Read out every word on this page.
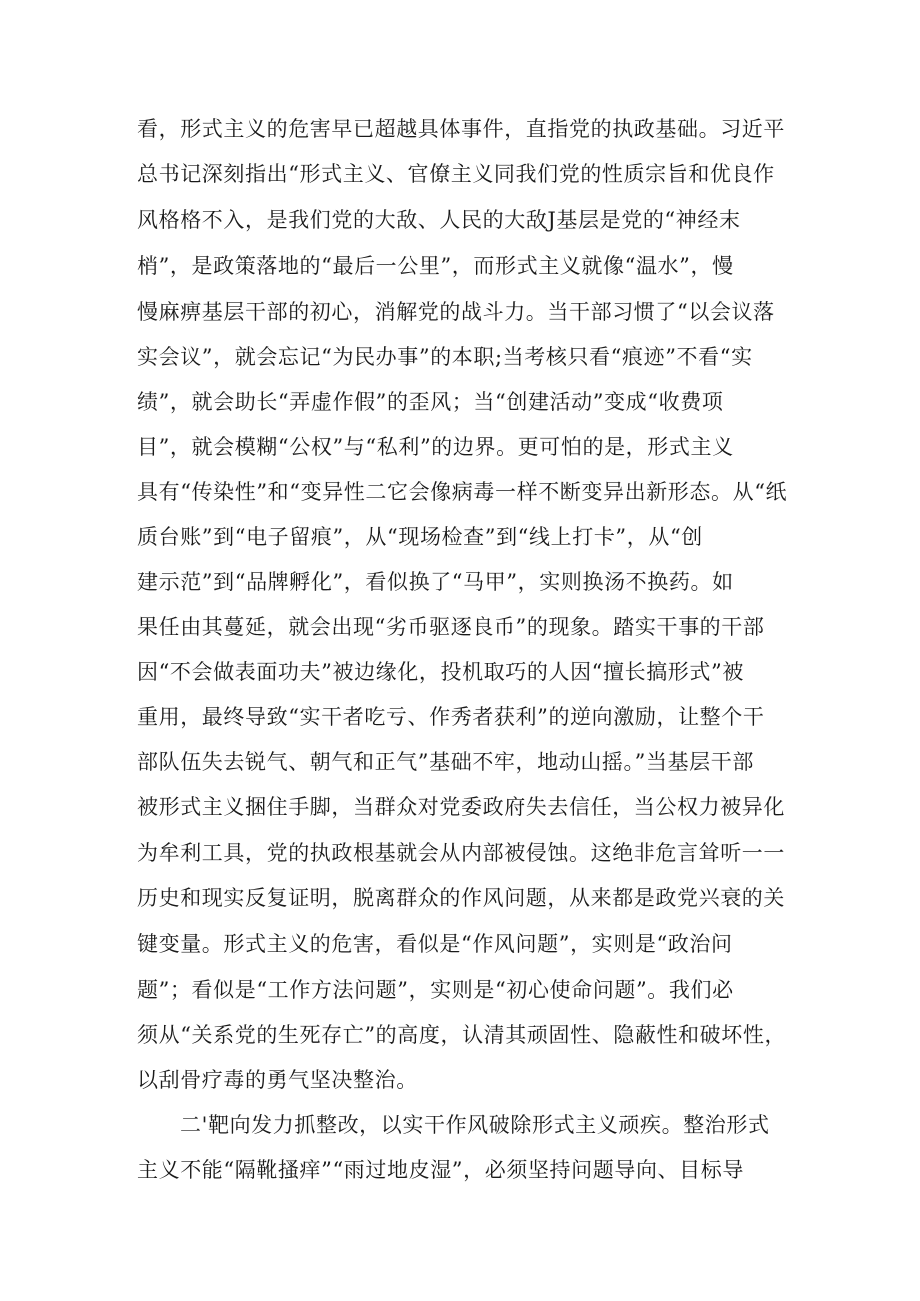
看，形式主义的危害早已超越具体事件，直指党的执政基础。习近平
总书记深刻指出“形式主义、官僚主义同我们党的性质宗旨和优良作
风格格不入，是我们党的大敌、人民的大敌J基层是党的“神经末
梢”，是政策落地的“最后一公里”，而形式主义就像“温水”，慢
慢麻痹基层干部的初心，消解党的战斗力。当干部习惯了“以会议落
实会议”，就会忘记“为民办事”的本职;当考核只看“痕迹”不看“实
绩”，就会助长“弄虚作假”的歪风；当“创建活动”变成“收费项
目”，就会模糊“公权”与“私利”的边界。更可怕的是，形式主义
具有“传染性”和“变异性二它会像病毒一样不断变异出新形态。从“纸
质台账”到“电子留痕”，从“现场检查”到“线上打卡”，从“创
建示范”到“品牌孵化”，看似换了“马甲”，实则换汤不换药。如
果任由其蔓延，就会出现“劣币驱逐良币”的现象。踏实干事的干部
因“不会做表面功夫”被边缘化，投机取巧的人因“擅长搞形式”被
重用，最终导致“实干者吃亏、作秀者获利”的逆向激励，让整个干
部队伍失去锐气、朝气和正气”基础不牢，地动山摇。”当基层干部
被形式主义捆住手脚，当群众对党委政府失去信任，当公权力被异化
为牟利工具，党的执政根基就会从内部被侵蚀。这绝非危言耸听一一
历史和现实反复证明，脱离群众的作风问题，从来都是政党兴衰的关
键变量。形式主义的危害，看似是“作风问题”，实则是“政治问
题”；看似是“工作方法问题”，实则是“初心使命问题”。我们必
须从“关系党的生死存亡”的高度，认清其顽固性、隐蔽性和破坏性，
以刮骨疗毒的勇气坚决整治。
二'靶向发力抓整改，以实干作风破除形式主义顽疾。整治形式
主义不能“隔靴搔痒”“雨过地皮湿”，必须坚持问题导向、目标导
